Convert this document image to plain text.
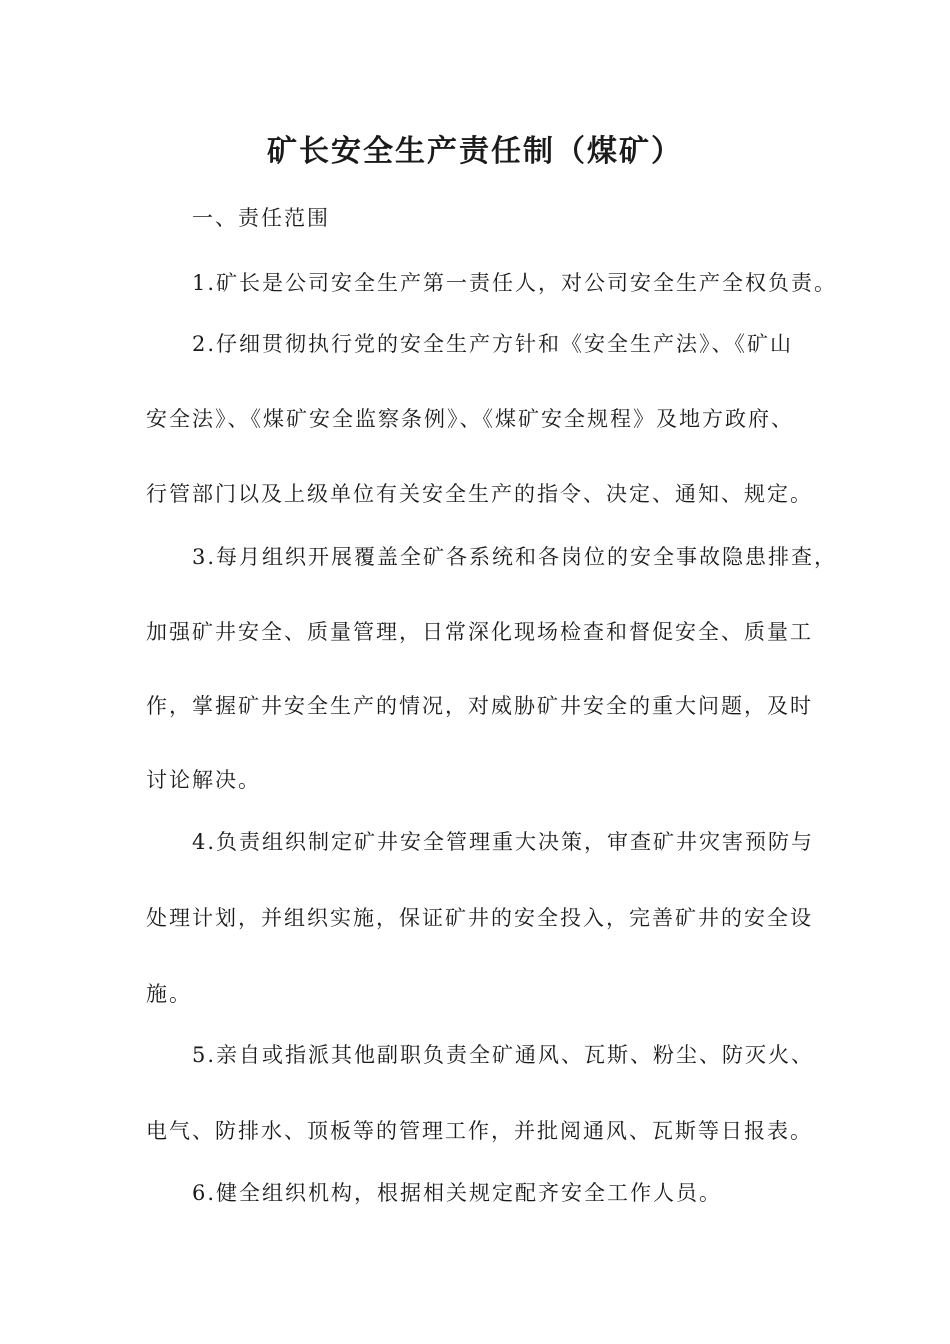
矿长安全生产责任制（煤矿）
一、责任范围
1.矿长是公司安全生产第一责任人，对公司安全生产全权负责。
2.仔细贯彻执行党的安全生产方针和《安全生产法》、《矿山
安全法》、《煤矿安全监察条例》、《煤矿安全规程》及地方政府、
行管部门以及上级单位有关安全生产的指令、决定、通知、规定。
3.每月组织开展覆盖全矿各系统和各岗位的安全事故隐患排查，
加强矿井安全、质量管理，日常深化现场检查和督促安全、质量工
作，掌握矿井安全生产的情况，对威胁矿井安全的重大问题，及时
讨论解决。
4.负责组织制定矿井安全管理重大决策，审查矿井灾害预防与
处理计划，并组织实施，保证矿井的安全投入，完善矿井的安全设
施。
5.亲自或指派其他副职负责全矿通风、瓦斯、粉尘、防灭火、
电气、防排水、顶板等的管理工作，并批阅通风、瓦斯等日报表。
6.健全组织机构，根据相关规定配齐安全工作人员。
